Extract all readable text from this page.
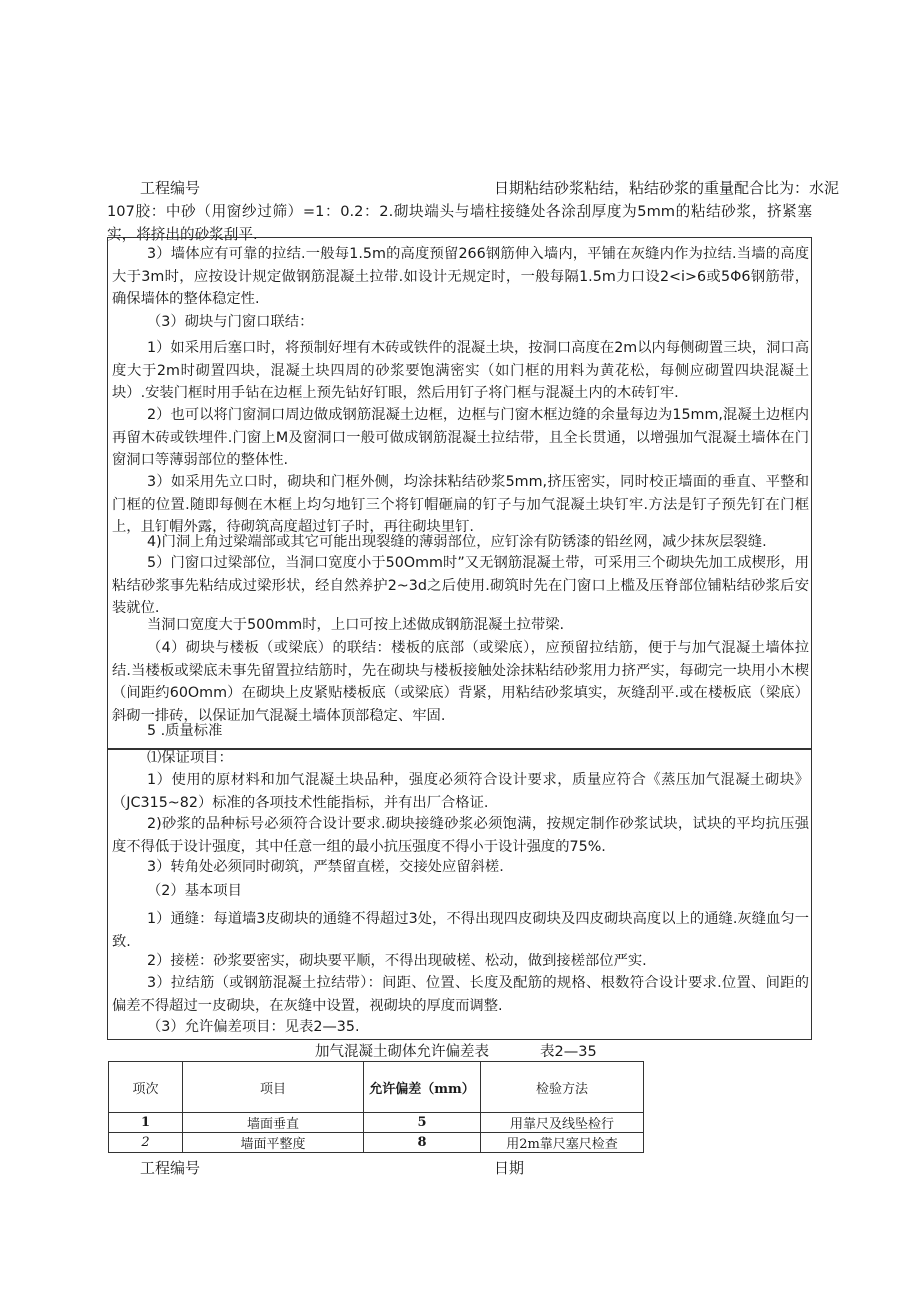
工程编号	日期粘结砂浆粘结，粘结砂浆的重量配合比为：水泥
107胶：中砂（用窗纱过筛）=1：0.2：2.砌块端头与墙柱接缝处各涂刮厚度为5mm的粘结砂浆，挤紧塞实，将挤出的砂浆刮平.
3）墙体应有可靠的拉结.一般每1.5m的高度预留266钢筋伸入墙内，平铺在灰缝内作为拉结.当墙的高度大于3m时，应按设计规定做钢筋混凝土拉带.如设计无规定时，一般每隔1.5m力口设2<i>6或5Φ6钢筋带，确保墙体的整体稳定性.
（3）砌块与门窗口联结：
1）如采用后塞口时，将预制好埋有木砖或铁件的混凝土块，按洞口高度在2m以内每侧砌置三块，洞口高度大于2m时砌置四块，混凝土块四周的砂浆要饱满密实（如门框的用料为黄花松，每侧应砌置四块混凝土块）.安装门框时用手钻在边框上预先钻好钉眼，然后用钉子将门框与混凝土内的木砖钉牢.
2）也可以将门窗洞口周边做成钢筋混凝土边框，边框与门窗木框边缝的余量每边为15mm,混凝土边框内再留木砖或铁埋件.门窗上M及窗洞口一般可做成钢筋混凝土拉结带，且全长贯通，以增强加气混凝土墙体在门窗洞口等薄弱部位的整体性.
3）如采用先立口时，砌块和门框外侧，均涂抹粘结砂浆5mm,挤压密实，同时校正墙面的垂直、平整和门框的位置.随即每侧在木框上均匀地钉三个将钉帽砸扁的钉子与加气混凝土块钉牢.方法是钉子预先钉在门框上，且钉帽外露，待砌筑高度超过钉子时，再往砌块里钉.
4)门洞上角过梁端部或其它可能出现裂缝的薄弱部位，应钉涂有防锈漆的铅丝网，减少抹灰层裂缝.
5）门窗口过梁部位，当洞口宽度小于50Omm时”又无钢筋混凝土带，可采用三个砌块先加工成楔形，用粘结砂浆事先粘结成过梁形状，经自然养护2~3d之后使用.砌筑时先在门窗口上槛及压脊部位铺粘结砂浆后安装就位.
当洞口宽度大于500mm时，上口可按上述做成钢筋混凝土拉带梁.
（4）砌块与楼板（或梁底）的联结：楼板的底部（或梁底），应预留拉结筋，便于与加气混凝土墙体拉结.当楼板或梁底未事先留置拉结筋时，先在砌块与楼板接触处涂抹粘结砂浆用力挤严实，每砌完一块用小木楔（间距约60Omm）在砌块上皮紧贴楼板底（或梁底）背紧，用粘结砂浆填实，灰缝刮平.或在楼板底（梁底）斜砌一排砖，以保证加气混凝土墙体顶部稳定、牢固.
5 .质量标准
⑴保证项目：
1）使用的原材料和加气混凝土块品种，强度必须符合设计要求，质量应符合《蒸压加气混凝土砌块》（JC315~82）标准的各项技术性能指标，并有出厂合格证.
2)砂浆的品种标号必须符合设计要求.砌块接缝砂浆必须饱满，按规定制作砂浆试块，试块的平均抗压强度不得低于设计强度，其中任意一组的最小抗压强度不得小于设计强度的75%.
3）转角处必须同时砌筑，严禁留直槎，交接处应留斜槎.
（2）基本项目
1）通缝：每道墙3皮砌块的通缝不得超过3处，不得出现四皮砌块及四皮砌块高度以上的通缝.灰缝血匀一致.
2）接槎：砂浆要密实，砌块要平顺，不得出现破槎、松动，做到接槎部位严实.
3）拉结筋（或钢筋混凝土拉结带）：间距、位置、长度及配筋的规格、根数符合设计要求.位置、间距的偏差不得超过一皮砌块，在灰缝中设置，视砌块的厚度而调整.
（3）允许偏差项目：见表2—35.
加气混凝土砌体允许偏差表	表2—35
项次	项目	允许偏差（mm）	检验方法
1	墙面垂直	5	用靠尺及线坠检行
2	墙面平整度	8	用2m靠尺塞尺检查
工程编号	日期
